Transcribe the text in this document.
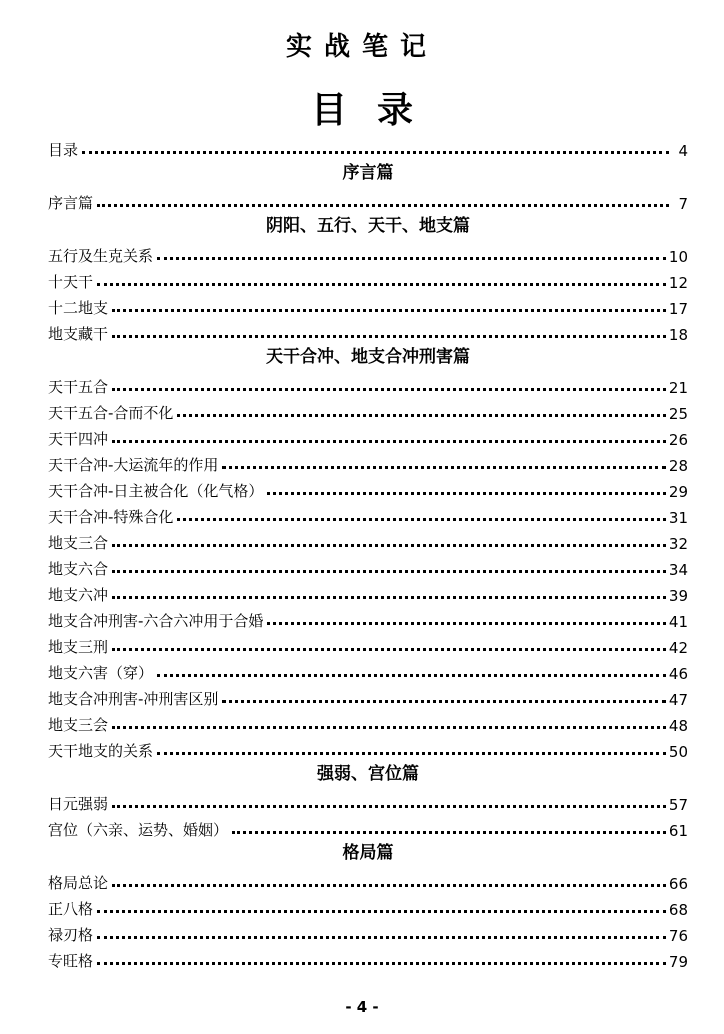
实战笔记
目录
目录	4
序言篇
序言篇	7
阴阳、五行、天干、地支篇
五行及生克关系	10
十天干	12
十二地支	17
地支藏干	18
天干合冲、地支合冲刑害篇
天干五合	21
天干五合-合而不化	25
天干四冲	26
天干合冲-大运流年的作用	28
天干合冲-日主被合化（化气格）	29
天干合冲-特殊合化	31
地支三合	32
地支六合	34
地支六冲	39
地支合冲刑害-六合六冲用于合婚	41
地支三刑	42
地支六害（穿）	46
地支合冲刑害-冲刑害区别	47
地支三会	48
天干地支的关系	50
强弱、宫位篇
日元强弱	57
宫位（六亲、运势、婚姻）	61
格局篇
格局总论	66
正八格	68
禄刃格	76
专旺格	79
- 4 -
